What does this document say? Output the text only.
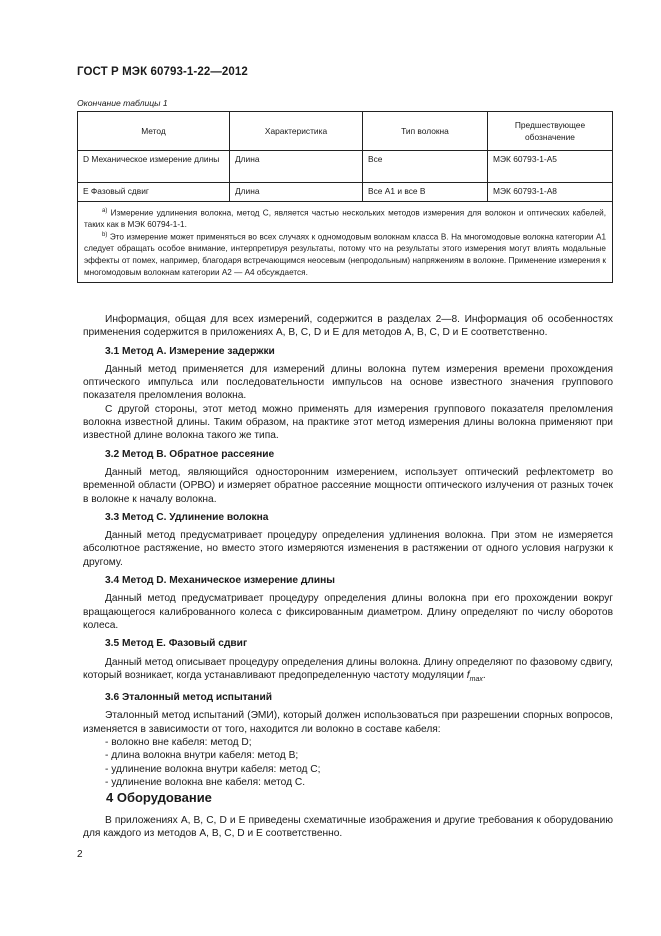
ГОСТ Р МЭК 60793-1-22—2012
Окончание таблицы 1
Метод	Характеристика	Тип волокна	Предшествующее обозначение
D Механическое измерение длины	Длина	Все	МЭК 60793-1-А5
Е Фазовый сдвиг	Длина	Все А1 и все В	МЭК 60793-1-А8

$^{а)}$ Измерение удлинения волокна, метод С, является частью нескольких методов измерения для волокон и оптических кабелей, таких как в МЭК 60794-1-1.

$^{b)}$ Это измерение может применяться во всех случаях к одномодовым волокнам класса В. На многомодовые волокна категории А1 следует обращать особое внимание, интерпретируя результаты, потому что на результаты этого измерения могут влиять модальные эффекты от помех, например, благодаря встречающимся неосевым (непродольным) напряжениям в волокне. Применение измерения к многомодовым волокнам категории А2 — А4 обсуждается.			

Информация, общая для всех измерений, содержится в разделах 2—8. Информация об особенностях применения содержится в приложениях А, В, С, D и Е для методов А, В, С, D и Е соответственно.

3.1 Метод А. Измерение задержки

Данный метод применяется для измерений длины волокна путем измерения времени прохождения оптического импульса или последовательности импульсов на основе известного значения группового показателя преломления волокна.

С другой стороны, этот метод можно применять для измерения группового показателя преломления волокна известной длины. Таким образом, на практике этот метод измерения длины волокна применяют при известной длине волокна такого же типа.

3.2 Метод В. Обратное рассеяние

Данный метод, являющийся односторонним измерением, использует оптический рефлектометр во временной области (ОРВО) и измеряет обратное рассеяние мощности оптического излучения от разных точек в волокне к началу волокна.

3.3 Метод С. Удлинение волокна

Данный метод предусматривает процедуру определения удлинения волокна. При этом не измеряется абсолютное растяжение, но вместо этого измеряются изменения в растяжении от одного условия нагрузки к другому.

3.4 Метод D. Механическое измерение длины

Данный метод предусматривает процедуру определения длины волокна при его прохождении вокруг вращающегося калиброванного колеса с фиксированным диаметром. Длину определяют по числу оборотов колеса.

3.5 Метод Е. Фазовый сдвиг

Данный метод описывает процедуру определения длины волокна. Длину определяют по фазовому сдвигу, который возникает, когда устанавливают предопределенную частоту модуляции $f_{max}$.

3.6 Эталонный метод испытаний

Эталонный метод испытаний (ЭМИ), который должен использоваться при разрешении спорных вопросов, изменяется в зависимости от того, находится ли волокно в составе кабеля:

- волокно вне кабеля: метод D;
- длина волокна внутри кабеля: метод В;
- удлинение волокна внутри кабеля: метод С;
- удлинение волокна вне кабеля: метод С.
4 Оборудование

В приложениях А, В, С, D и Е приведены схематичные изображения и другие требования к оборудованию для каждого из методов А, В, С, D и Е соответственно.

2
